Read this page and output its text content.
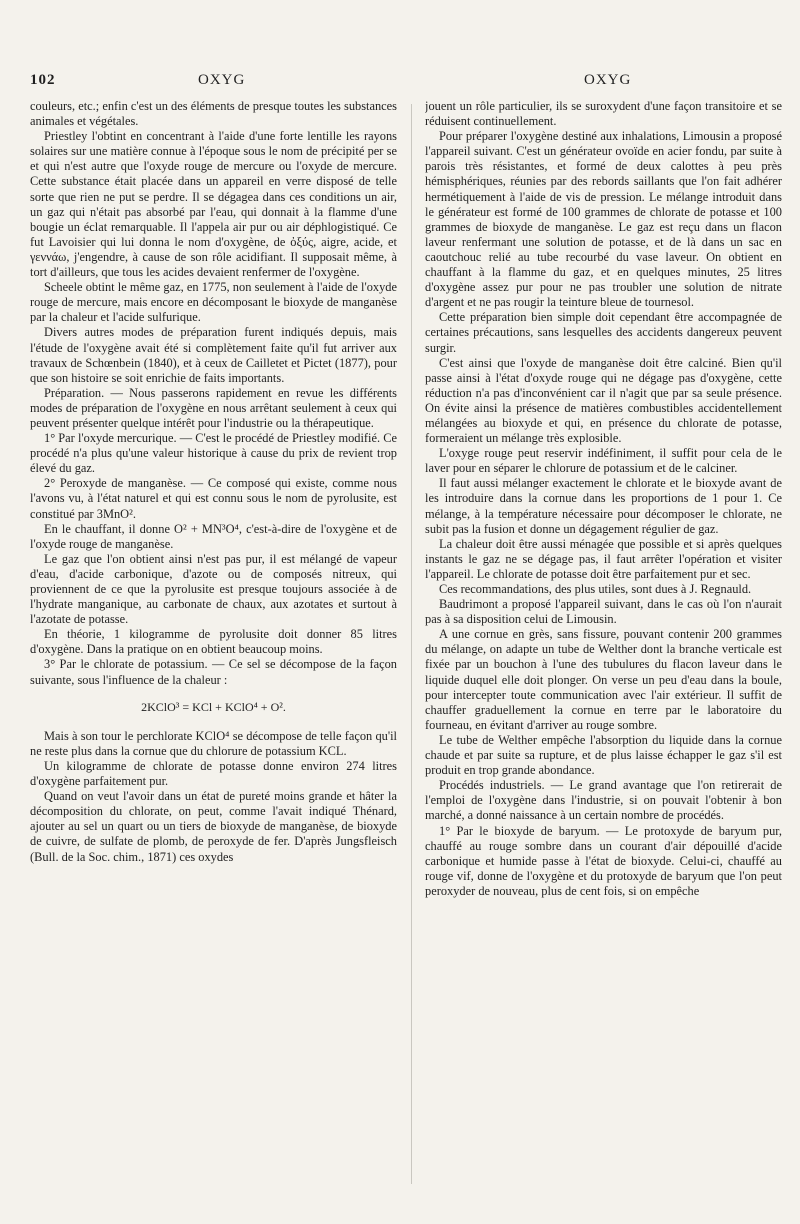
102	OXYG	OXYG

couleurs, etc.; enfin c'est un des éléments de presque toutes les substances animales et végétales.

Priestley l'obtint en concentrant à l'aide d'une forte lentille les rayons solaires sur une matière connue à l'époque sous le nom de précipité per se et qui n'est autre que l'oxyde rouge de mercure ou l'oxyde de mercure. Cette substance était placée dans un appareil en verre disposé de telle sorte que rien ne put se perdre. Il se dégagea dans ces conditions un air, un gaz qui n'était pas absorbé par l'eau, qui donnait à la flamme d'une bougie un éclat remarquable. Il l'appela air pur ou air déphlogistiqué. Ce fut Lavoisier qui lui donna le nom d'oxygène, de ὀξύς, aigre, acide, et γεννάω, j'engendre, à cause de son rôle acidifiant. Il supposait même, à tort d'ailleurs, que tous les acides devaient renfermer de l'oxygène.

Scheele obtint le même gaz, en 1775, non seulement à l'aide de l'oxyde rouge de mercure, mais encore en décomposant le bioxyde de manganèse par la chaleur et l'acide sulfurique.

Divers autres modes de préparation furent indiqués depuis, mais l'étude de l'oxygène avait été si complètement faite qu'il fut arriver aux travaux de Schœnbein (1840), et à ceux de Cailletet et Pictet (1877), pour que son histoire se soit enrichie de faits importants.

Préparation. — Nous passerons rapidement en revue les différents modes de préparation de l'oxygène en nous arrêtant seulement à ceux qui peuvent présenter quelque intérêt pour l'industrie ou la thérapeutique.

1° Par l'oxyde mercurique. — C'est le procédé de Priestley modifié. Ce procédé n'a plus qu'une valeur historique à cause du prix de revient trop élevé du gaz.

2° Peroxyde de manganèse. — Ce composé qui existe, comme nous l'avons vu, à l'état naturel et qui est connu sous le nom de pyrolusite, est constitué par 3MnO².

En le chauffant, il donne O² + MN³O⁴, c'est-à-dire de l'oxygène et de l'oxyde rouge de manganèse.

Le gaz que l'on obtient ainsi n'est pas pur, il est mélangé de vapeur d'eau, d'acide carbonique, d'azote ou de composés nitreux, qui proviennent de ce que la pyrolusite est presque toujours associée à de l'hydrate manganique, au carbonate de chaux, aux azotates et surtout à l'azotate de potasse.

En théorie, 1 kilogramme de pyrolusite doit donner 85 litres d'oxygène. Dans la pratique on en obtient beaucoup moins.

3° Par le chlorate de potassium. — Ce sel se décompose de la façon suivante, sous l'influence de la chaleur :

2KClO³ = KCl + KClO⁴ + O².

Mais à son tour le perchlorate KClO⁴ se décompose de telle façon qu'il ne reste plus dans la cornue que du chlorure de potassium KCL.

Un kilogramme de chlorate de potasse donne environ 274 litres d'oxygène parfaitement pur.

Quand on veut l'avoir dans un état de pureté moins grande et hâter la décomposition du chlorate, on peut, comme l'avait indiqué Thénard, ajouter au sel un quart ou un tiers de bioxyde de manganèse, de bioxyde de cuivre, de sulfate de plomb, de peroxyde de fer. D'après Jungsfleisch (Bull. de la Soc. chim., 1871) ces oxydes

jouent un rôle particulier, ils se suroxydent d'une façon transitoire et se réduisent continuellement.

Pour préparer l'oxygène destiné aux inhalations, Limousin a proposé l'appareil suivant. C'est un générateur ovoïde en acier fondu, par suite à parois très résistantes, et formé de deux calottes à peu près hémisphériques, réunies par des rebords saillants que l'on fait adhérer hermétiquement à l'aide de vis de pression. Le mélange introduit dans le générateur est formé de 100 grammes de chlorate de potasse et 100 grammes de bioxyde de manganèse. Le gaz est reçu dans un flacon laveur renfermant une solution de potasse, et de là dans un sac en caoutchouc relié au tube recourbé du vase laveur. On obtient en chauffant à la flamme du gaz, et en quelques minutes, 25 litres d'oxygène assez pur pour ne pas troubler une solution de nitrate d'argent et ne pas rougir la teinture bleue de tournesol.

Cette préparation bien simple doit cependant être accompagnée de certaines précautions, sans lesquelles des accidents dangereux peuvent surgir.

C'est ainsi que l'oxyde de manganèse doit être calciné. Bien qu'il passe ainsi à l'état d'oxyde rouge qui ne dégage pas d'oxygène, cette réduction n'a pas d'inconvénient car il n'agit que par sa seule présence. On évite ainsi la présence de matières combustibles accidentellement mélangées au bioxyde et qui, en présence du chlorate de potasse, formeraient un mélange très explosible.

L'oxyge rouge peut reservir indéfiniment, il suffit pour cela de le laver pour en séparer le chlorure de potassium et de le calciner.

Il faut aussi mélanger exactement le chlorate et le bioxyde avant de les introduire dans la cornue dans les proportions de 1 pour 1. Ce mélange, à la température nécessaire pour décomposer le chlorate, ne subit pas la fusion et donne un dégagement régulier de gaz.

La chaleur doit être aussi ménagée que possible et si après quelques instants le gaz ne se dégage pas, il faut arrêter l'opération et visiter l'appareil. Le chlorate de potasse doit être parfaitement pur et sec.

Ces recommandations, des plus utiles, sont dues à J. Regnauld.

Baudrimont a proposé l'appareil suivant, dans le cas où l'on n'aurait pas à sa disposition celui de Limousin.

A une cornue en grès, sans fissure, pouvant contenir 200 grammes du mélange, on adapte un tube de Welther dont la branche verticale est fixée par un bouchon à l'une des tubulures du flacon laveur dans le liquide duquel elle doit plonger. On verse un peu d'eau dans la boule, pour intercepter toute communication avec l'air extérieur. Il suffit de chauffer graduellement la cornue en terre par le laboratoire du fourneau, en évitant d'arriver au rouge sombre.

Le tube de Welther empêche l'absorption du liquide dans la cornue chaude et par suite sa rupture, et de plus laisse échapper le gaz s'il est produit en trop grande abondance.

Procédés industriels. — Le grand avantage que l'on retirerait de l'emploi de l'oxygène dans l'industrie, si on pouvait l'obtenir à bon marché, a donné naissance à un certain nombre de procédés.

1° Par le bioxyde de baryum. — Le protoxyde de baryum pur, chauffé au rouge sombre dans un courant d'air dépouillé d'acide carbonique et humide passe à l'état de bioxyde. Celui-ci, chauffé au rouge vif, donne de l'oxygène et du protoxyde de baryum que l'on peut peroxyder de nouveau, plus de cent fois, si on empêche
